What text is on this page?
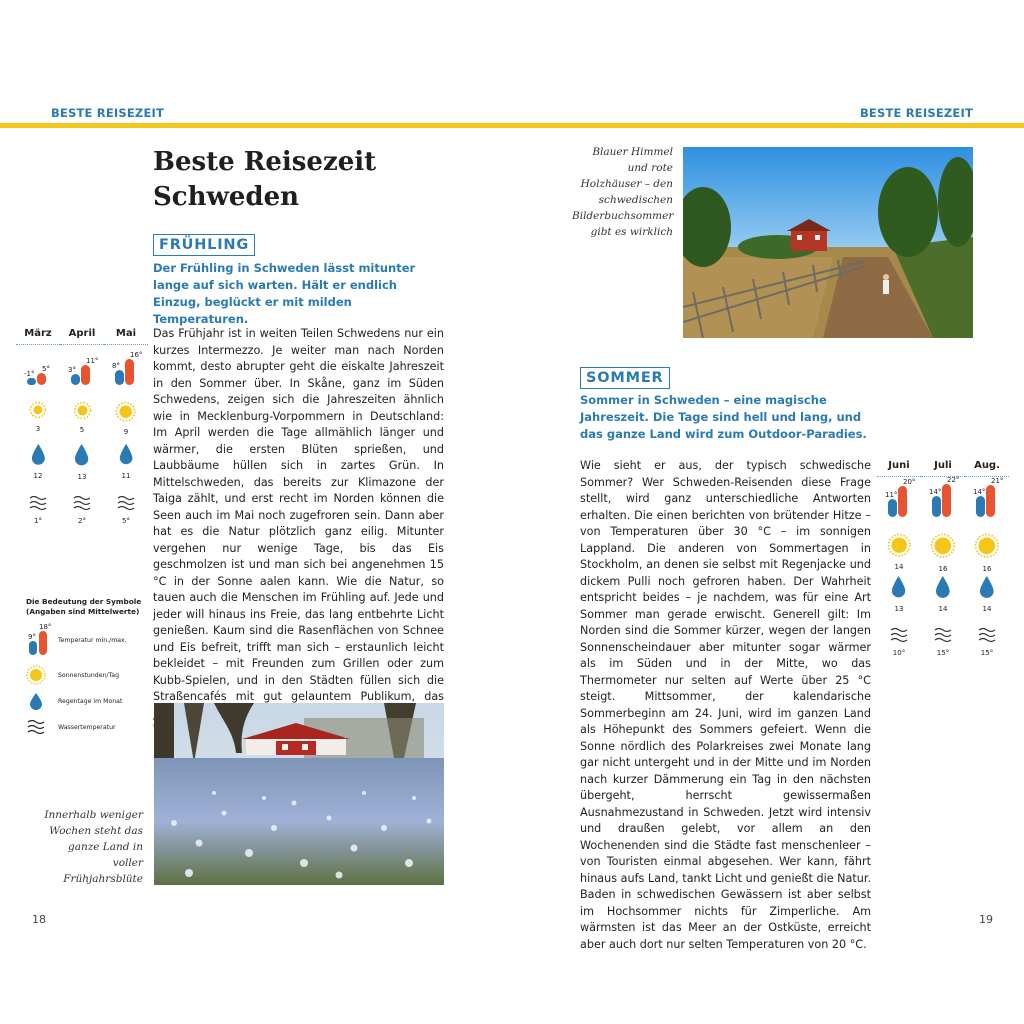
BESTE REISEZEIT	BESTE REISEZEIT
Beste Reisezeit
Schweden
FRÜHLING
Der Frühling in Schweden lässt mitunter lange auf sich warten. Hält er endlich Einzug, beglückt er mit milden Temperaturen.
Das Frühjahr ist in weiten Teilen Schwedens nur ein kurzes Intermezzo. Je weiter man nach Norden kommt, desto abrupter geht die eiskalte Jahreszeit in den Sommer über. In Skåne, ganz im Süden Schwedens, zeigen sich die Jahreszeiten ähnlich wie in Mecklenburg-Vorpommern in Deutschland: Im April werden die Tage allmählich länger und wärmer, die ersten Blüten sprießen, und Laubbäume hüllen sich in zartes Grün. In Mittelschweden, das bereits zur Klimazone der Taiga zählt, und erst recht im Norden können die Seen auch im Mai noch zugefroren sein. Dann aber hat es die Natur plötzlich ganz eilig. Mitunter vergehen nur wenige Tage, bis das Eis geschmolzen ist und man sich bei angenehmen 15 °C in der Sonne aalen kann. Wie die Natur, so tauen auch die Menschen im Frühling auf. Jede und jeder will hinaus ins Freie, das lang entbehrte Licht genießen. Kaum sind die Rasenflächen von Schnee und Eis befreit, trifft man sich – erstaunlich leicht bekleidet – mit Freunden zum Grillen oder zum Kubb-Spielen, und in den Städten füllen sich die Straßencafés mit gut gelauntem Publikum, das
März
-1°
5°
3
12
1°
April
3°
11°
5
13
2°
Mai
8°
16°
9
11
5°
Die Bedeutung der Symbole (Angaben sind Mittelwerte)
9°
18°
Temperatur min./max.
Sonnenstunden/Tag
Regentage im Monat
Wassertemperatur
Innerhalb weniger Wochen steht das ganze Land in voller Frühjahrsblüte
18
Blauer Himmel und rote Holzhäuser – den schwedischen Bilderbuchsommer gibt es wirklich
SOMMER
Sommer in Schweden – eine magische Jahreszeit. Die Tage sind hell und lang, und das ganze Land wird zum Outdoor-Paradies.
Wie sieht er aus, der typisch schwedische Sommer? Wer Schweden-Reisenden diese Frage stellt, wird ganz unterschiedliche Antworten erhalten. Die einen berichten von brütender Hitze – von Temperaturen über 30 °C – im sonnigen Lappland. Die anderen von Sommertagen in Stockholm, an denen sie selbst mit Regenjacke und dickem Pulli noch gefroren haben. Der Wahrheit entspricht beides – je nachdem, was für eine Art Sommer man gerade erwischt. Generell gilt: Im Norden sind die Sommer kürzer, wegen der langen Sonnenscheindauer aber mitunter sogar wärmer als im Süden und in der Mitte, wo das Thermometer nur selten auf Werte über 25 °C steigt. Mittsommer, der kalendarische Sommerbeginn am 24. Juni, wird im ganzen Land als Höhepunkt des Sommers gefeiert. Wenn die Sonne nördlich des Polarkreises zwei Monate lang gar nicht untergeht und in der Mitte und im Norden nach kurzer Dämmerung ein Tag in den nächsten übergeht, herrscht gewissermaßen Ausnahmezustand in Schweden. Jetzt wird intensiv und draußen gelebt, vor allem an den Wochenenden sind die Städte fast menschenleer – von Touristen einmal abgesehen. Wer kann, fährt hinaus aufs Land, tankt Licht und genießt die Natur. Baden in schwedischen Gewässern ist aber selbst im Hochsommer nichts für Zimperliche. Am wärmsten ist das Meer an der Ostküste, erreicht aber auch dort nur selten Temperaturen von 20 °C.
Juni
11°
20°
14
13
10°
Juli
14°
22°
16
14
15°
Aug.
14°
21°
16
14
15°
19
